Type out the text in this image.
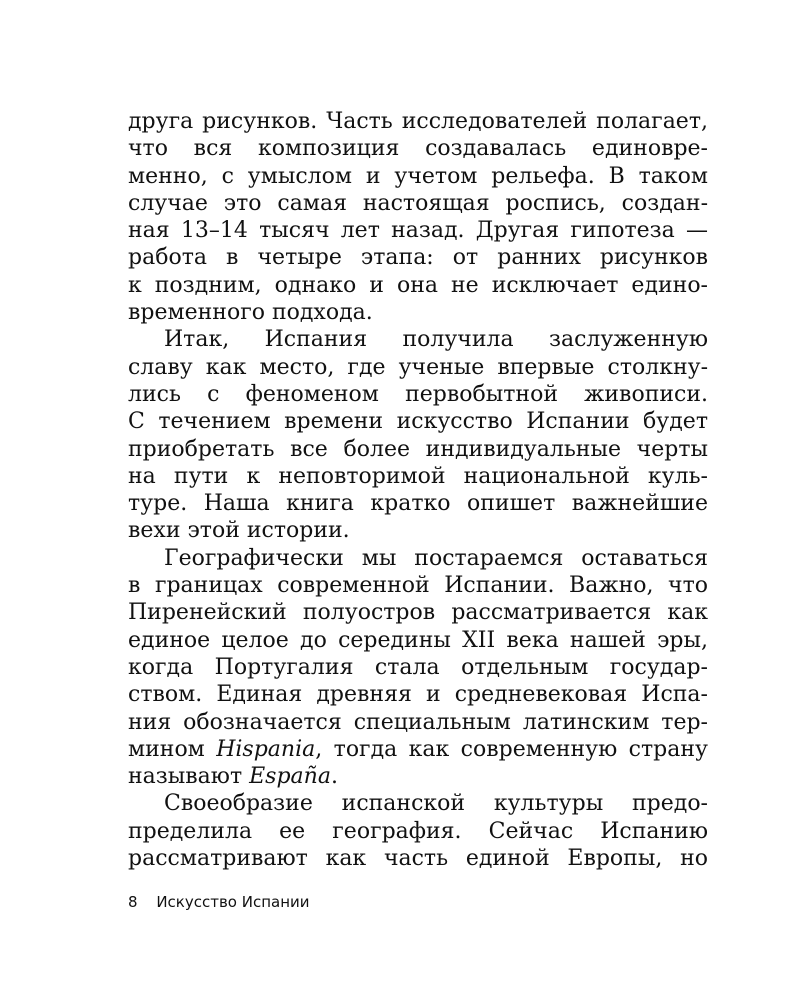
друга рисунков. Часть исследователей полагает,
что вся композиция создавалась единовре-
менно, с умыслом и учетом рельефа. В таком
случае это самая настоящая роспись, создан-
ная 13–14 тысяч лет назад. Другая гипотеза —
работа в четыре этапа: от ранних рисунков
к поздним, однако и она не исключает едино-
временного подхода.
Итак, Испания получила заслуженную
славу как место, где ученые впервые столкну-
лись с феноменом первобытной живописи.
С течением времени искусство Испании будет
приобретать все более индивидуальные черты
на пути к неповторимой национальной куль-
туре. Наша книга кратко опишет важнейшие
вехи этой истории.
Географически мы постараемся оставаться
в границах современной Испании. Важно, что
Пиренейский полуостров рассматривается как
единое целое до середины XII века нашей эры,
когда Португалия стала отдельным государ-
ством. Единая древняя и средневековая Испа-
ния обозначается специальным латинским тер-
мином Hispania, тогда как современную страну
называют España.
Своеобразие испанской культуры предо-
пределила ее география. Сейчас Испанию
рассматривают как часть единой Европы, но
8 Искусство Испании
